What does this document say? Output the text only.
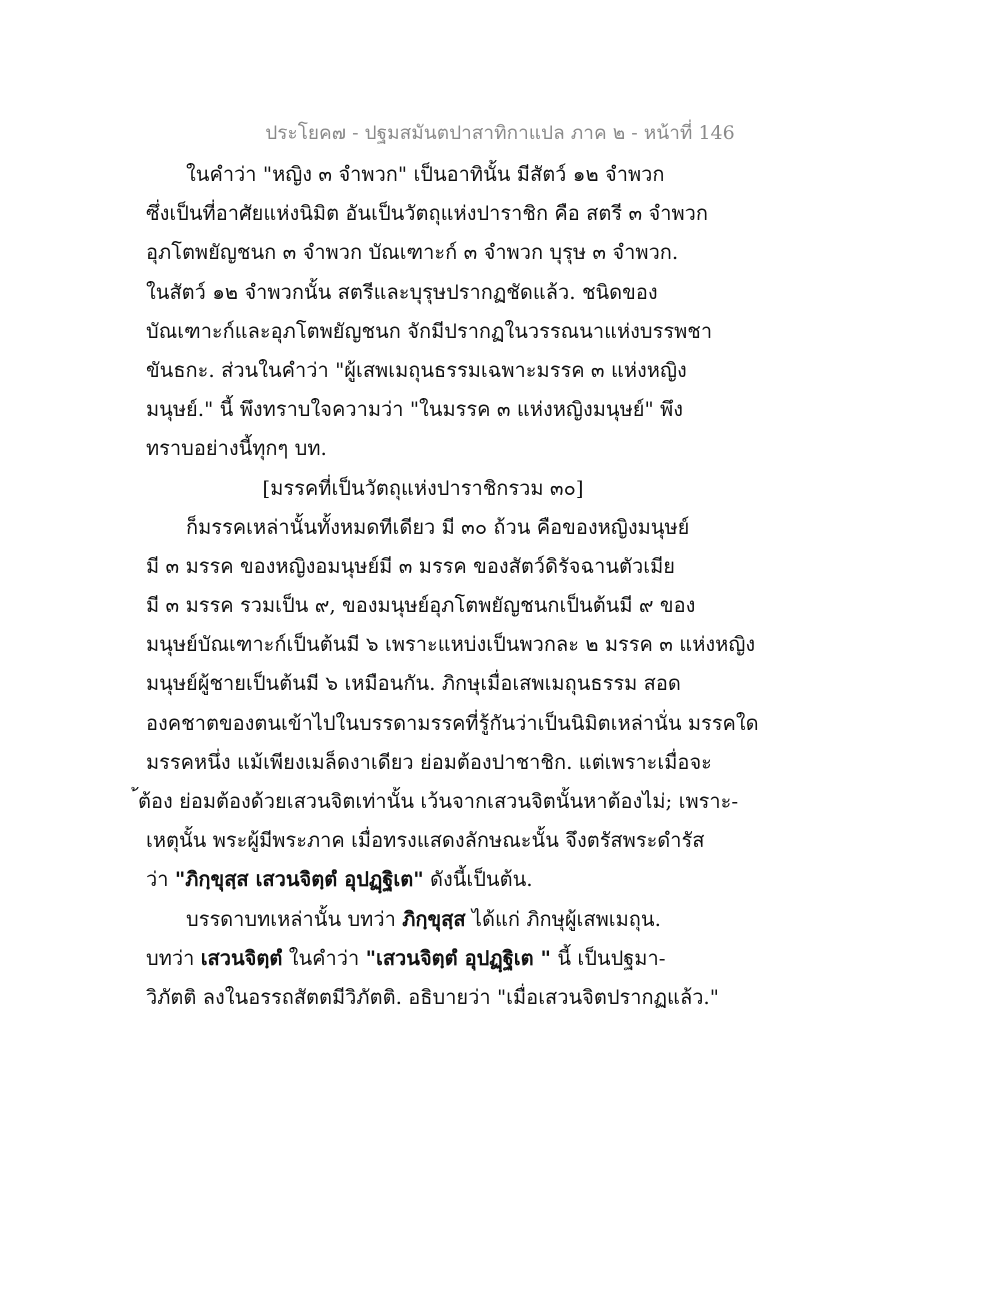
ประโยค๗ - ปฐมสมันตปาสาทิกาแปล ภาค ๒ - หน้าที่ 146
ในคำว่า "หญิง ๓ จำพวก" เป็นอาทินั้น มีสัตว์ ๑๒ จำพวก
ซึ่งเป็นที่อาศัยแห่งนิมิต อันเป็นวัตถุแห่งปาราชิก คือ สตรี ๓ จำพวก
อุภโตพยัญชนก ๓ จำพวก บัณเฑาะก์ ๓ จำพวก บุรุษ ๓ จำพวก.
ในสัตว์ ๑๒ จำพวกนั้น สตรีและบุรุษปรากฏชัดแล้ว. ชนิดของ
บัณเฑาะก์และอุภโตพยัญชนก จักมีปรากฏในวรรณนาแห่งบรรพชา
ขันธกะ. ส่วนในคำว่า "ผู้เสพเมถุนธรรมเฉพาะมรรค ๓ แห่งหญิง
มนุษย์." นี้ พึงทราบใจความว่า "ในมรรค ๓ แห่งหญิงมนุษย์" พึง
ทราบอย่างนี้ทุกๆ บท.
[มรรคที่เป็นวัตถุแห่งปาราชิกรวม ๓๐]
ก็มรรคเหล่านั้นทั้งหมดทีเดียว มี ๓๐ ถ้วน คือของหญิงมนุษย์
มี ๓ มรรค ของหญิงอมนุษย์มี ๓ มรรค ของสัตว์ดิรัจฉานตัวเมีย
มี ๓ มรรค รวมเป็น ๙, ของมนุษย์อุภโตพยัญชนกเป็นต้นมี ๙ ของ
มนุษย์บัณเฑาะก์เป็นต้นมี ๖ เพราะแหบ่งเป็นพวกละ ๒ มรรค ๓ แห่งหญิง
มนุษย์ผู้ชายเป็นต้นมี ๖ เหมือนกัน. ภิกษุเมื่อเสพเมถุนธรรม สอด
องคชาตของตนเข้าไปในบรรดามรรคที่รู้กันว่าเป็นนิมิตเหล่านั่น มรรคใด
มรรคหนึ่ง แม้เพียงเมล็ดงาเดียว ย่อมต้องปาชาชิก. แต่เพราะเมื่อจะ
้ต้อง ย่อมต้องด้วยเสวนจิตเท่านั้น เว้นจากเสวนจิตนั้นหาต้องไม่; เพราะ-
เหตุนั้น พระผู้มีพระภาค เมื่อทรงแสดงลักษณะนั้น จึงตรัสพระดำรัส
ว่า "ภิกฺขุสฺส เสวนจิตฺตํ อุปฏฺฐิเต" ดังนี้เป็นต้น.
บรรดาบทเหล่านั้น บทว่า ภิกฺขุสฺส ได้แก่ ภิกษุผู้เสพเมถุน.
บทว่า เสวนจิตฺตํ ในคำว่า "เสวนจิตฺตํ อุปฏฺฐิเต " นี้ เป็นปฐมา-
วิภัตติ ลงในอรรถสัตตมีวิภัตติ. อธิบายว่า "เมื่อเสวนจิตปรากฏแล้ว."
